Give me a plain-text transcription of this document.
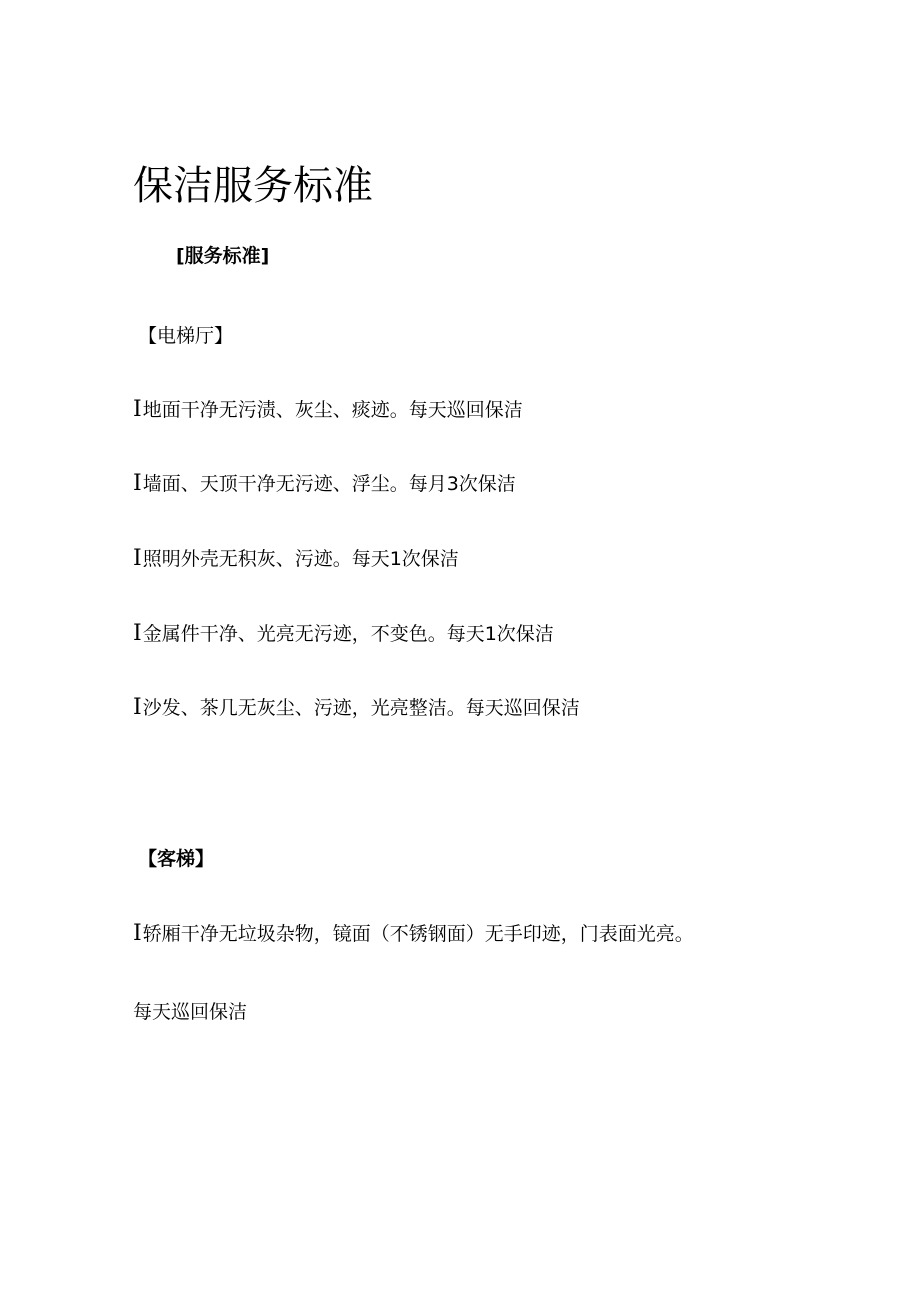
保洁服务标准
[服务标准]
【电梯厅】
I地面干净无污渍、灰尘、痰迹。每天巡回保洁
I墙面、天顶干净无污迹、浮尘。每月3次保洁
I照明外壳无积灰、污迹。每天1次保洁
I金属件干净、光亮无污迹，不变色。每天1次保洁
I沙发、茶几无灰尘、污迹，光亮整洁。每天巡回保洁
【客梯】
I轿厢干净无垃圾杂物，镜面（不锈钢面）无手印迹，门表面光亮。
每天巡回保洁
